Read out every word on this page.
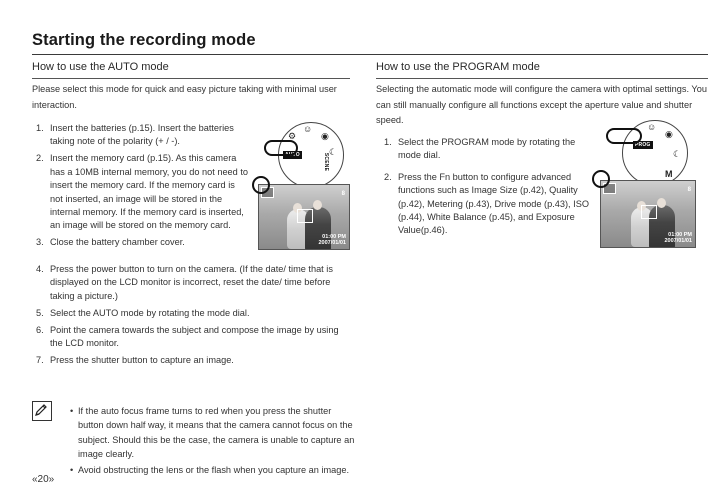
Starting the recording mode
How to use the AUTO mode	How to use the PROGRAM mode
Please select this mode for quick and easy picture taking with minimal user interaction.
Selecting the automatic mode will configure the camera with optimal settings. You can still manually configure all functions except the aperture value and shutter speed.
1. Insert the batteries (p.15). Insert the batteries taking note of the polarity (+ / -).
2. Insert the memory card (p.15). As this camera has a 10MB internal memory, you do not need to insert the memory card. If the memory card is not inserted, an image will be stored in the internal memory. If the memory card is inserted, an image will be stored on the memory card.
3. Close the battery chamber cover.
4. Press the power button to turn on the camera. (If the date/ time that is displayed on the LCD monitor is incorrect, reset the date/ time before taking a picture.)
5. Select the AUTO mode by rotating the mode dial.
6. Point the camera towards the subject and compose the image by using the LCD monitor.
7. Press the shutter button to capture an image.
1. Select the PROGRAM mode by rotating the mode dial.
2. Press the Fn button to configure advanced functions such as Image Size (p.42), Quality (p.42), Metering (p.43), Drive mode (p.43), ISO (p.44), White Balance (p.45), and Exposure Value(p.46).
☺
◉
☾
⚙
AUTO	SCENE
8
01:00 PM
2007/01/01
☺
◉
☾
M
PROG
8
01:00 PM
2007/01/01
• If the auto focus frame turns to red when you press the shutter button down half way, it means that the camera cannot focus on the subject. Should this be the case, the camera is unable to capture an image clearly.
• Avoid obstructing the lens or the flash when you capture an image.
«20»
